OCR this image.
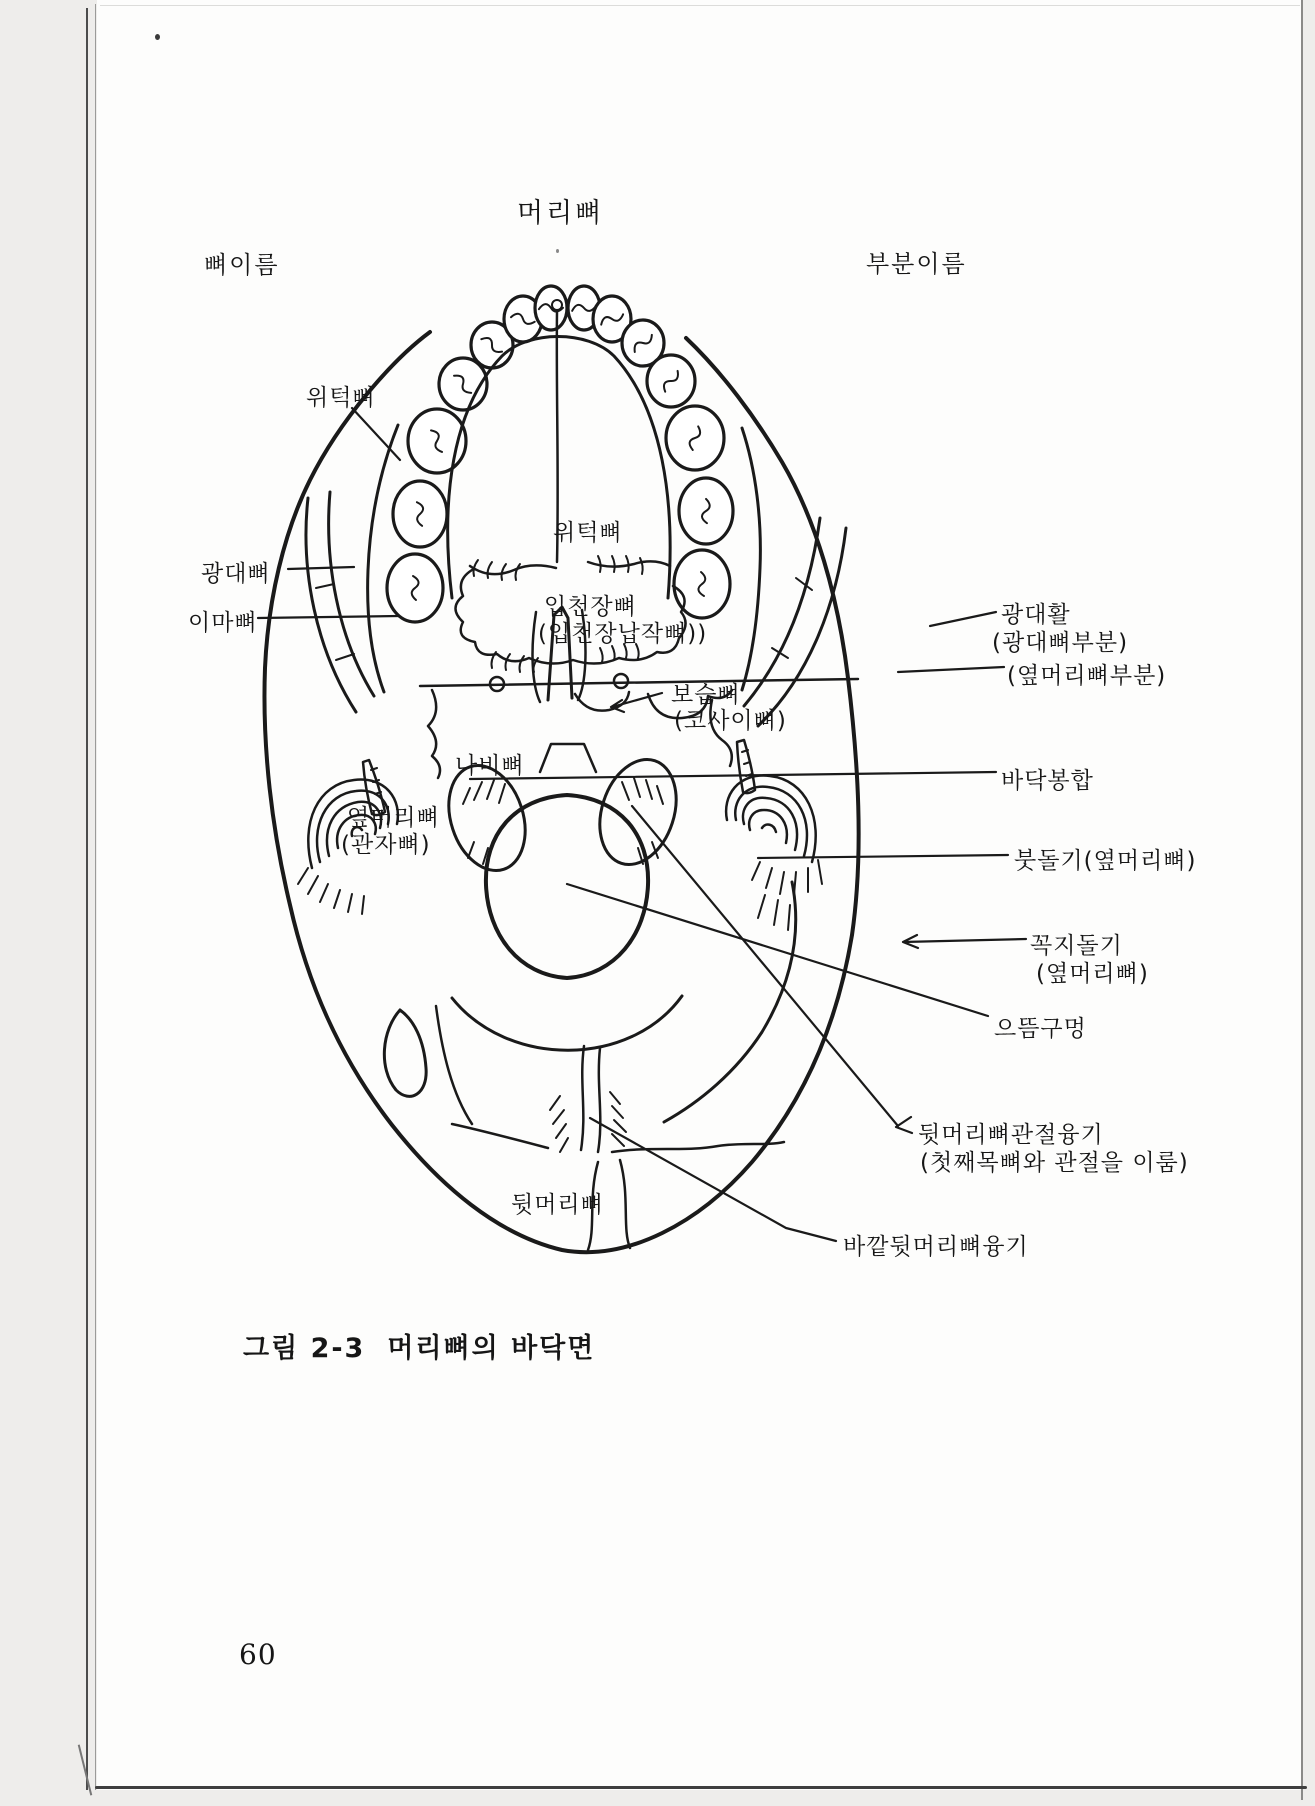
머리뼈
뼈이름	부분이름
위턱뼈
광대뼈
이마뼈
옆머리뼈
(관자뼈)
나비뼈
뒷머리뼈
위턱뼈
입천장뼈
(입천장납작뼈))
보습뼈
(코사이뼈)
광대활
(광대뼈부분)
(옆머리뼈부분)
바닥봉합
붓돌기(옆머리뼈)
꼭지돌기
(옆머리뼈)
으뜸구멍
뒷머리뼈관절융기
(첫째목뼈와 관절을 이룸)
바깥뒷머리뼈융기
그림 2-3 머리뼈의 바닥면
60
